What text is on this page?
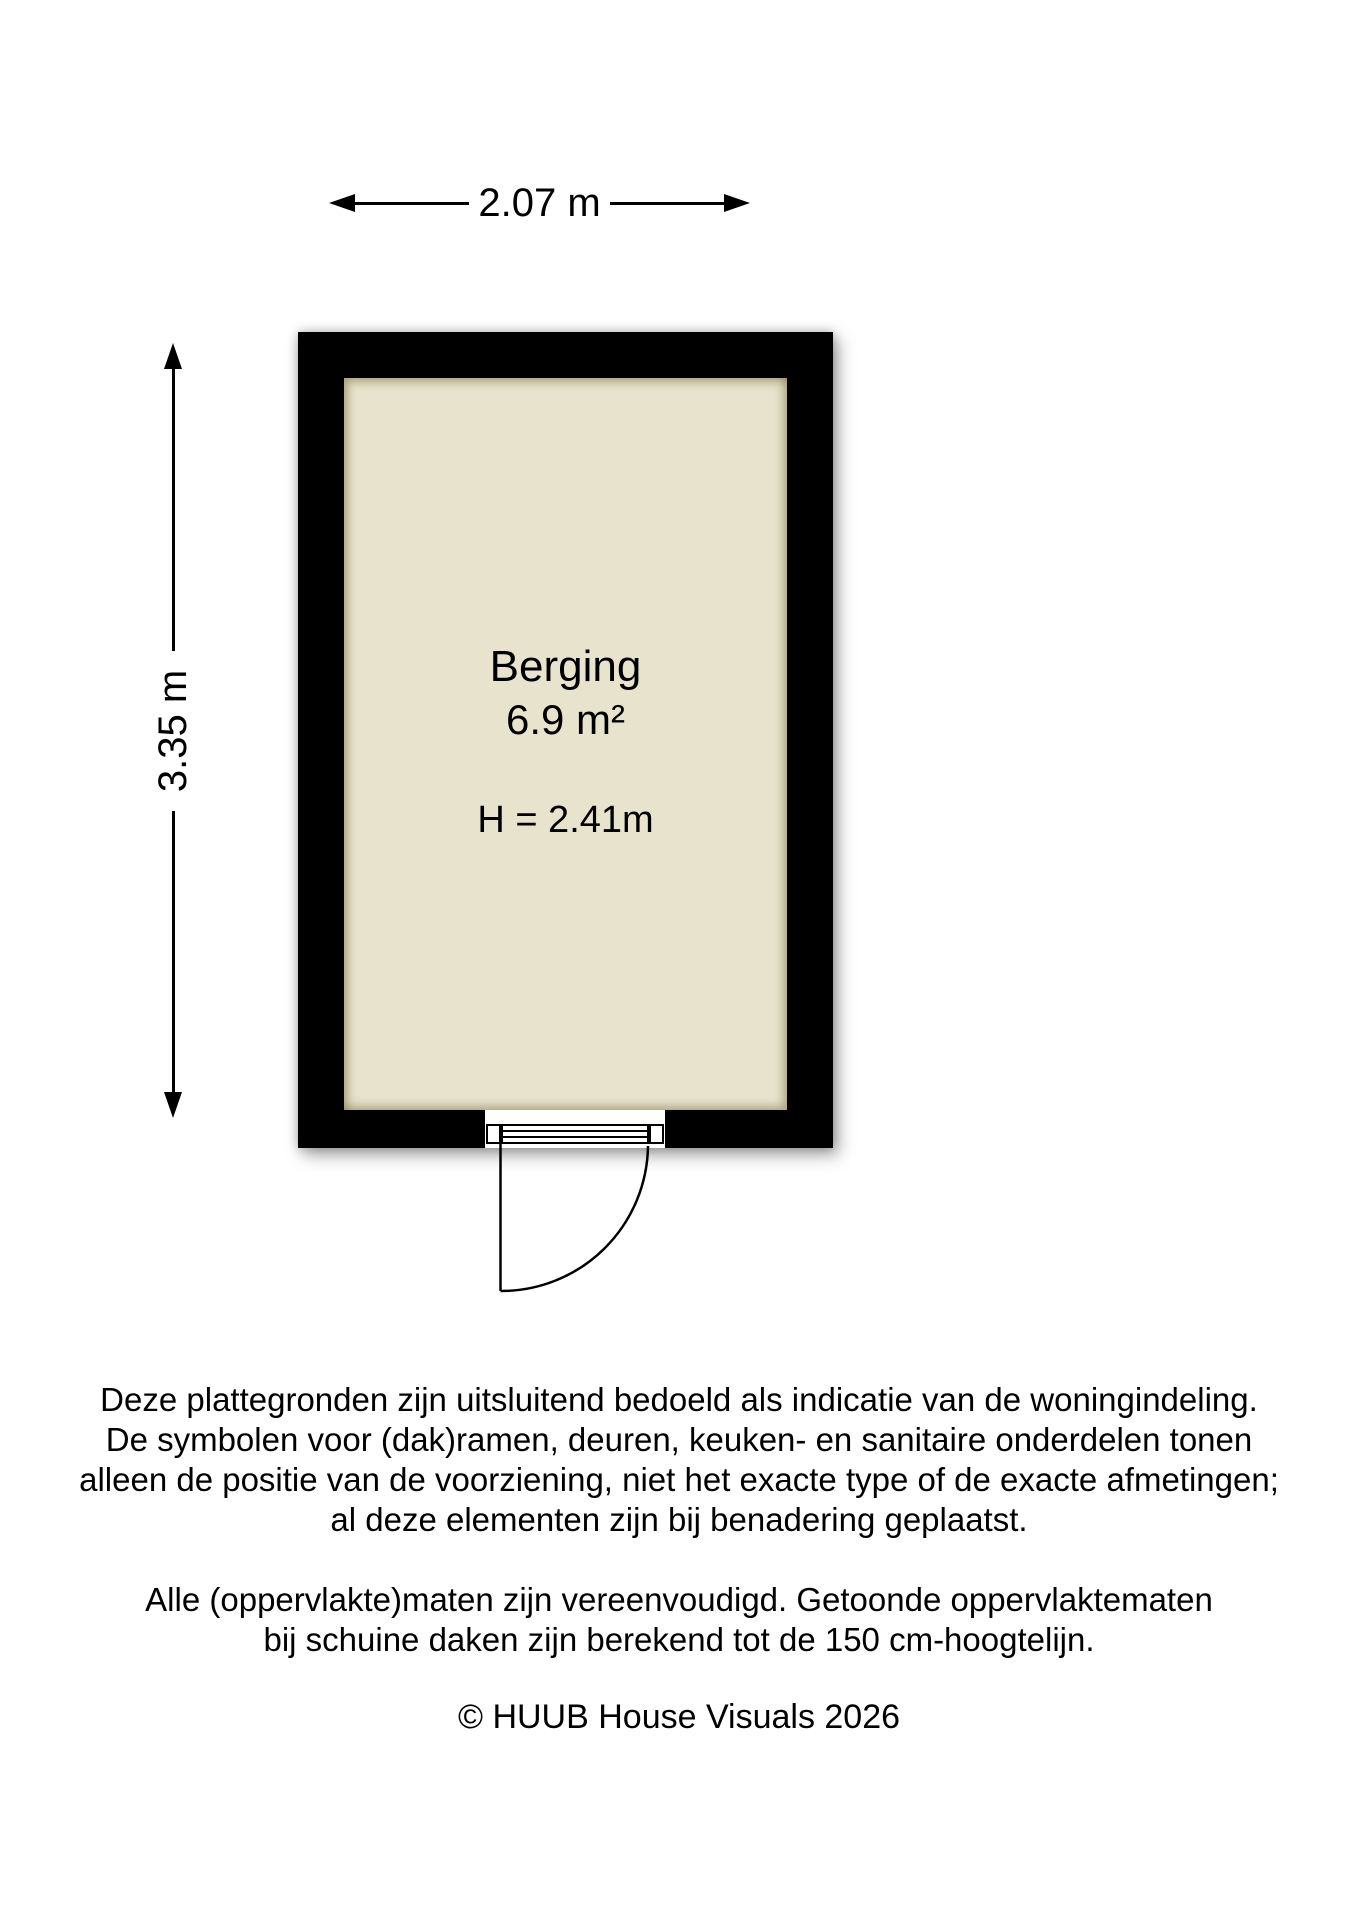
2.07 m
3.35 m
Berging
6.9 m²
H = 2.41m
Deze plattegronden zijn uitsluitend bedoeld als indicatie van de woningindeling.
De symbolen voor (dak)ramen, deuren, keuken- en sanitaire onderdelen tonen
alleen de positie van de voorziening, niet het exacte type of de exacte afmetingen;
al deze elementen zijn bij benadering geplaatst.
Alle (oppervlakte)maten zijn vereenvoudigd. Getoonde oppervlaktematen
bij schuine daken zijn berekend tot de 150 cm-hoogtelijn.
© HUUB House Visuals 2026
